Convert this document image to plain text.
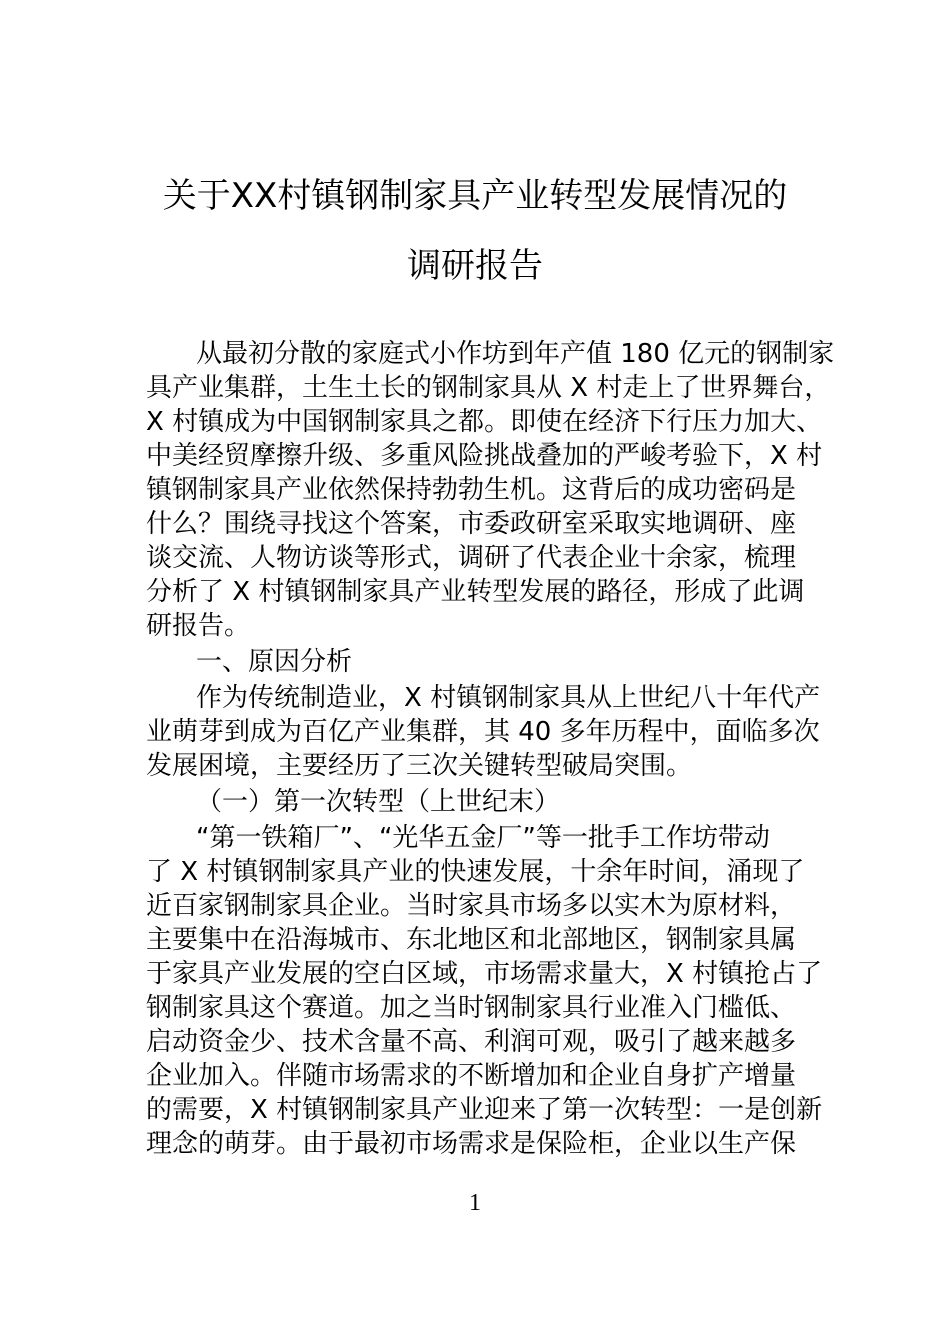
关于XX村镇钢制家具产业转型发展情况的
调研报告
从最初分散的家庭式小作坊到年产值 180 亿元的钢制家
具产业集群，土生土长的钢制家具从 X 村走上了世界舞台，
X 村镇成为中国钢制家具之都。即使在经济下行压力加大、
中美经贸摩擦升级、多重风险挑战叠加的严峻考验下，X 村
镇钢制家具产业依然保持勃勃生机。这背后的成功密码是
什么？围绕寻找这个答案，市委政研室采取实地调研、座
谈交流、人物访谈等形式，调研了代表企业十余家，梳理
分析了 X 村镇钢制家具产业转型发展的路径，形成了此调
研报告。
一、原因分析
作为传统制造业，X 村镇钢制家具从上世纪八十年代产
业萌芽到成为百亿产业集群，其 40 多年历程中，面临多次
发展困境，主要经历了三次关键转型破局突围。
（一）第一次转型（上世纪末）
“第一铁箱厂”、“光华五金厂”等一批手工作坊带动
了 X 村镇钢制家具产业的快速发展，十余年时间，涌现了
近百家钢制家具企业。当时家具市场多以实木为原材料，
主要集中在沿海城市、东北地区和北部地区，钢制家具属
于家具产业发展的空白区域，市场需求量大，X 村镇抢占了
钢制家具这个赛道。加之当时钢制家具行业准入门槛低、
启动资金少、技术含量不高、利润可观，吸引了越来越多
企业加入。伴随市场需求的不断增加和企业自身扩产增量
的需要，X 村镇钢制家具产业迎来了第一次转型：一是创新
理念的萌芽。由于最初市场需求是保险柜，企业以生产保
1
